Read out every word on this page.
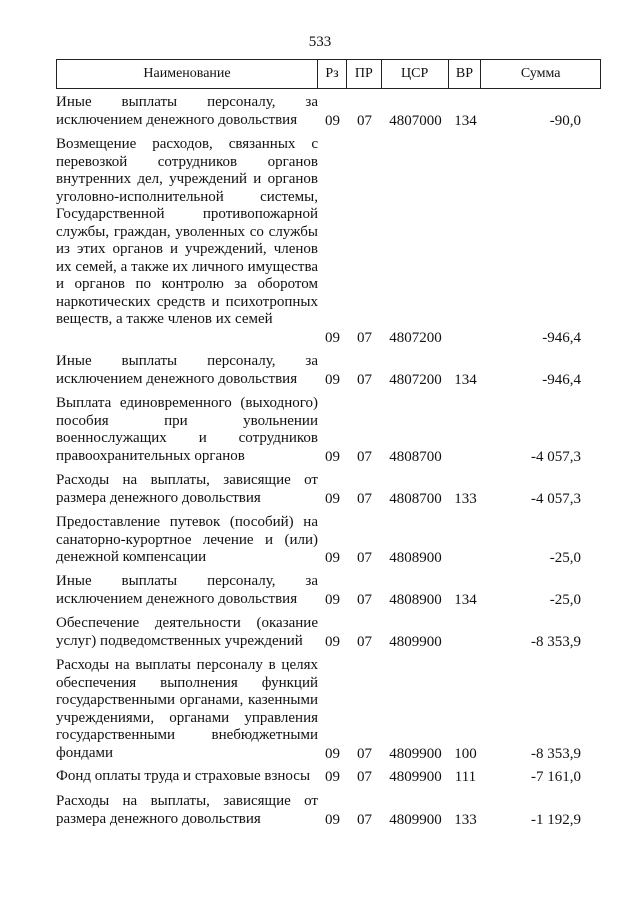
533
Наименование	Рз	ПР	ЦСР	ВР	Сумма
Иные выплаты персоналу, за исключением денежного довольствия	09	07	4807000 134	-90,0
Возмещение расходов, связанных с перевозкой сотрудников органов внутренних дел, учреждений и органов уголовно-исполнительной системы, Государственной противопожарной службы, граждан, уволенных со службы из этих органов и учреждений, членов их семей, а также их личного имущества и органов по контролю за оборотом наркотических средств и психотропных веществ, а также членов их семей
09	07	4807200	-946,4
Иные выплаты персоналу, за исключением денежного довольствия	09	07	4807200 134	-946,4
Выплата единовременного (выходного) пособия при увольнении военнослужащих и сотрудников правоохранительных органов	09	07	4808700	-4 057,3
Расходы на выплаты, зависящие от размера денежного довольствия	09	07	4808700 133	-4 057,3
Предоставление путевок (пособий) на санаторно-курортное лечение и (или) денежной компенсации	09	07	4808900	-25,0
Иные выплаты персоналу, за исключением денежного довольствия	09	07	4808900 134	-25,0
Обеспечение деятельности (оказание услуг) подведомственных учреждений	09	07	4809900	-8 353,9
Расходы на выплаты персоналу в целях обеспечения выполнения функций государственными органами, казенными учреждениями, органами управления государственными внебюджетными фондами	09	07	4809900 100	-8 353,9
Фонд оплаты труда и страховые взносы 09	07	4809900 111	-7 161,0
Расходы на выплаты, зависящие от размера денежного довольствия	09	07	4809900 133	-1 192,9
